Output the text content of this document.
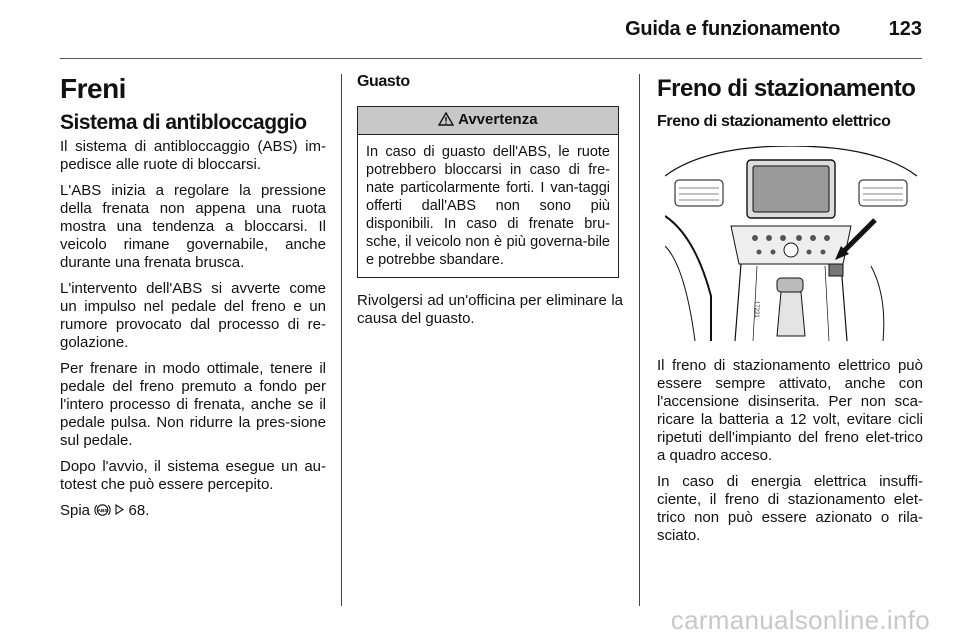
Guida e funzionamento 123
Freni
Sistema di antibloccaggio

Il sistema di antibloccaggio (ABS) im-pedisce alle ruote di bloccarsi.

L'ABS inizia a regolare la pressione della frenata non appena una ruota mostra una tendenza a bloccarsi. Il veicolo rimane governabile, anche durante una frenata brusca.

L'intervento dell'ABS si avverte come un impulso nel pedale del freno e un rumore provocato dal processo di re-golazione.

Per frenare in modo ottimale, tenere il pedale del freno premuto a fondo per l'intero processo di frenata, anche se il pedale pulsa. Non ridurre la pres-sione sul pedale.

Dopo l'avvio, il sistema esegue un au-totest che può essere percepito.

Spia ABS 68.

Guasto
Avvertenza

In caso di guasto dell'ABS, le ruote potrebbero bloccarsi in caso di fre-nate particolarmente forti. I van-taggi offerti dall'ABS non sono più disponibili. In caso di frenate bru-sche, il veicolo non è più governa-bile e potrebbe sbandare.

Rivolgersi ad un'officina per eliminare la causa del guasto.

Freno di stazionamento
Freno di stazionamento elettrico
17221

Il freno di stazionamento elettrico può essere sempre attivato, anche con l'accensione disinserita. Per non sca-ricare la batteria a 12 volt, evitare cicli ripetuti dell'impianto del freno elet-trico a quadro acceso.

In caso di energia elettrica insuffi-ciente, il freno di stazionamento elet-trico non può essere azionato o rila-sciato.

carmanualsonline.info
